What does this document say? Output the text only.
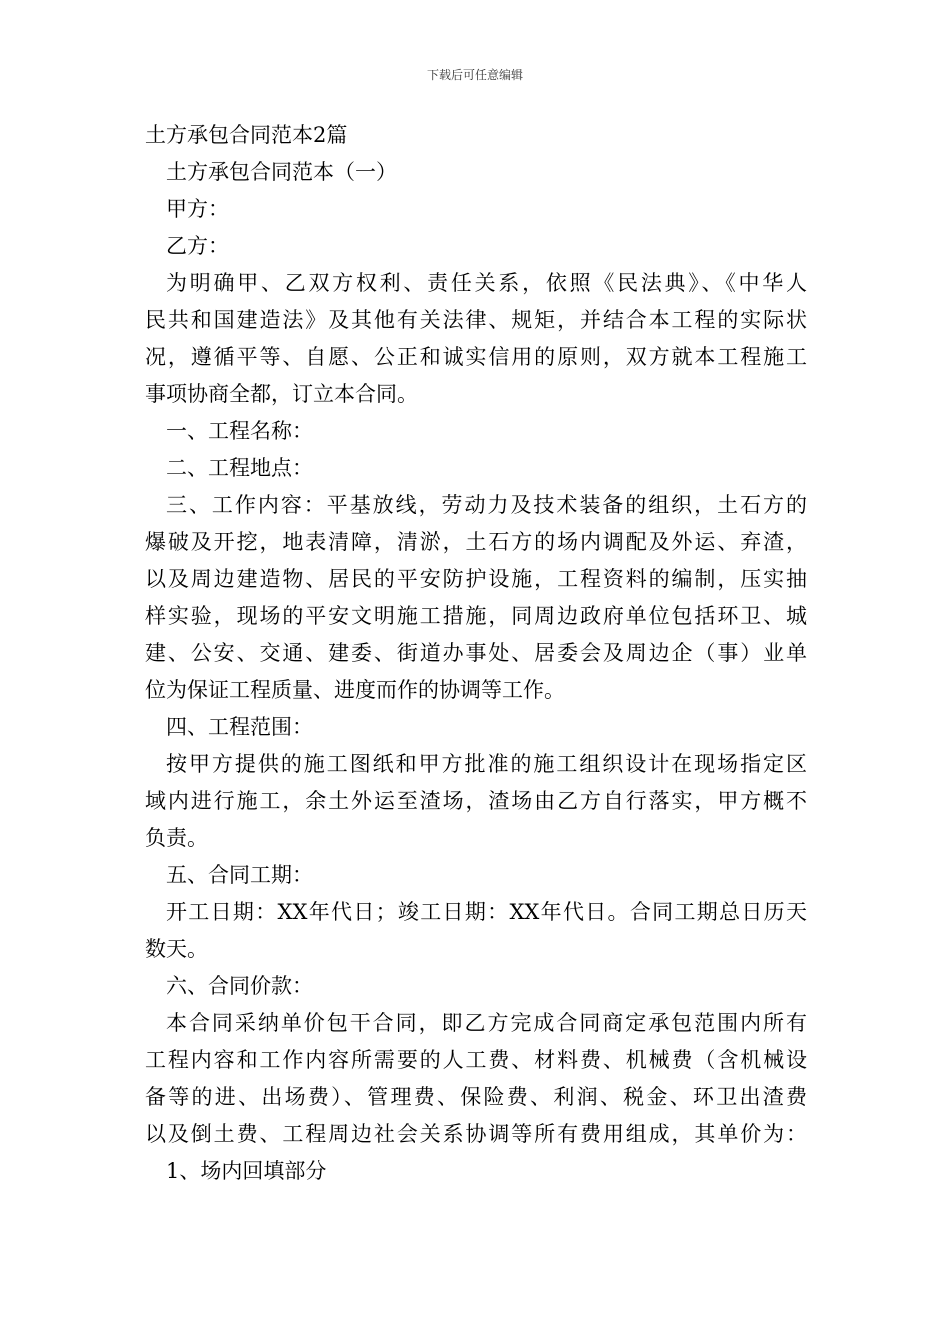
下载后可任意编辑
土方承包合同范本2篇
土方承包合同范本（一）
甲方：
乙方：
为明确甲、乙双方权利、责任关系，依照《民法典》、《中华人
民共和国建造法》及其他有关法律、规矩，并结合本工程的实际状
况，遵循平等、自愿、公正和诚实信用的原则，双方就本工程施工
事项协商全都，订立本合同。
一、工程名称：
二、工程地点：
三、工作内容：平基放线，劳动力及技术装备的组织，土石方的
爆破及开挖，地表清障，清淤，土石方的场内调配及外运、弃渣，
以及周边建造物、居民的平安防护设施，工程资料的编制，压实抽
样实验，现场的平安文明施工措施，同周边政府单位包括环卫、城
建、公安、交通、建委、街道办事处、居委会及周边企（事）业单
位为保证工程质量、进度而作的协调等工作。
四、工程范围：
按甲方提供的施工图纸和甲方批准的施工组织设计在现场指定区
域内进行施工，余土外运至渣场，渣场由乙方自行落实，甲方概不
负责。
五、合同工期：
开工日期：XX年代日；竣工日期：XX年代日。合同工期总日历天
数天。
六、合同价款：
本合同采纳单价包干合同，即乙方完成合同商定承包范围内所有
工程内容和工作内容所需要的人工费、材料费、机械费（含机械设
备等的进、出场费）、管理费、保险费、利润、税金、环卫出渣费
以及倒土费、工程周边社会关系协调等所有费用组成，其单价为：
1、场内回填部分
